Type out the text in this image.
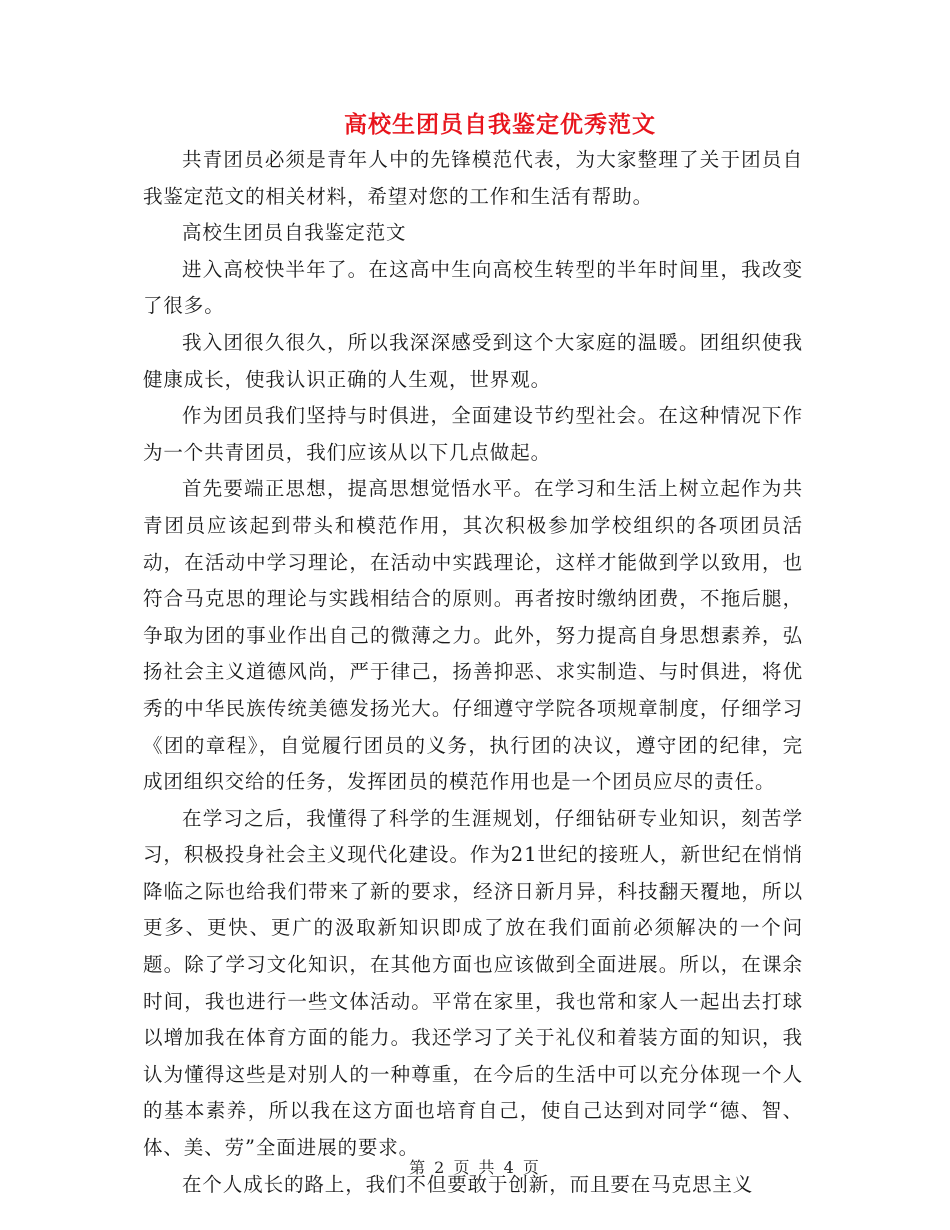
高校生团员自我鉴定优秀范文

共青团员必须是青年人中的先锋模范代表，为大家整理了关于团员自我鉴定范文的相关材料，希望对您的工作和生活有帮助。

高校生团员自我鉴定范文

进入高校快半年了。在这高中生向高校生转型的半年时间里，我改变了很多。

我入团很久很久，所以我深深感受到这个大家庭的温暖。团组织使我健康成长，使我认识正确的人生观，世界观。

作为团员我们坚持与时俱进，全面建设节约型社会。在这种情况下作为一个共青团员，我们应该从以下几点做起。

首先要端正思想，提高思想觉悟水平。在学习和生活上树立起作为共青团员应该起到带头和模范作用，其次积极参加学校组织的各项团员活动，在活动中学习理论，在活动中实践理论，这样才能做到学以致用，也符合马克思的理论与实践相结合的原则。再者按时缴纳团费，不拖后腿，争取为团的事业作出自己的微薄之力。此外，努力提高自身思想素养，弘扬社会主义道德风尚，严于律己，扬善抑恶、求实制造、与时俱进，将优秀的中华民族传统美德发扬光大。仔细遵守学院各项规章制度，仔细学习《团的章程》，自觉履行团员的义务，执行团的决议，遵守团的纪律，完成团组织交给的任务，发挥团员的模范作用也是一个团员应尽的责任。

在学习之后，我懂得了科学的生涯规划，仔细钻研专业知识，刻苦学习，积极投身社会主义现代化建设。作为21世纪的接班人，新世纪在悄悄降临之际也给我们带来了新的要求，经济日新月异，科技翻天覆地，所以更多、更快、更广的汲取新知识即成了放在我们面前必须解决的一个问题。除了学习文化知识，在其他方面也应该做到全面进展。所以，在课余时间，我也进行一些文体活动。平常在家里，我也常和家人一起出去打球以增加我在体育方面的能力。我还学习了关于礼仪和着装方面的知识，我认为懂得这些是对别人的一种尊重，在今后的生活中可以充分体现一个人的基本素养，所以我在这方面也培育自己，使自己达到对同学“德、智、体、美、劳”全面进展的要求。

在个人成长的路上，我们不但要敢于创新，而且要在马克思主义

第 2 页 共 4 页
